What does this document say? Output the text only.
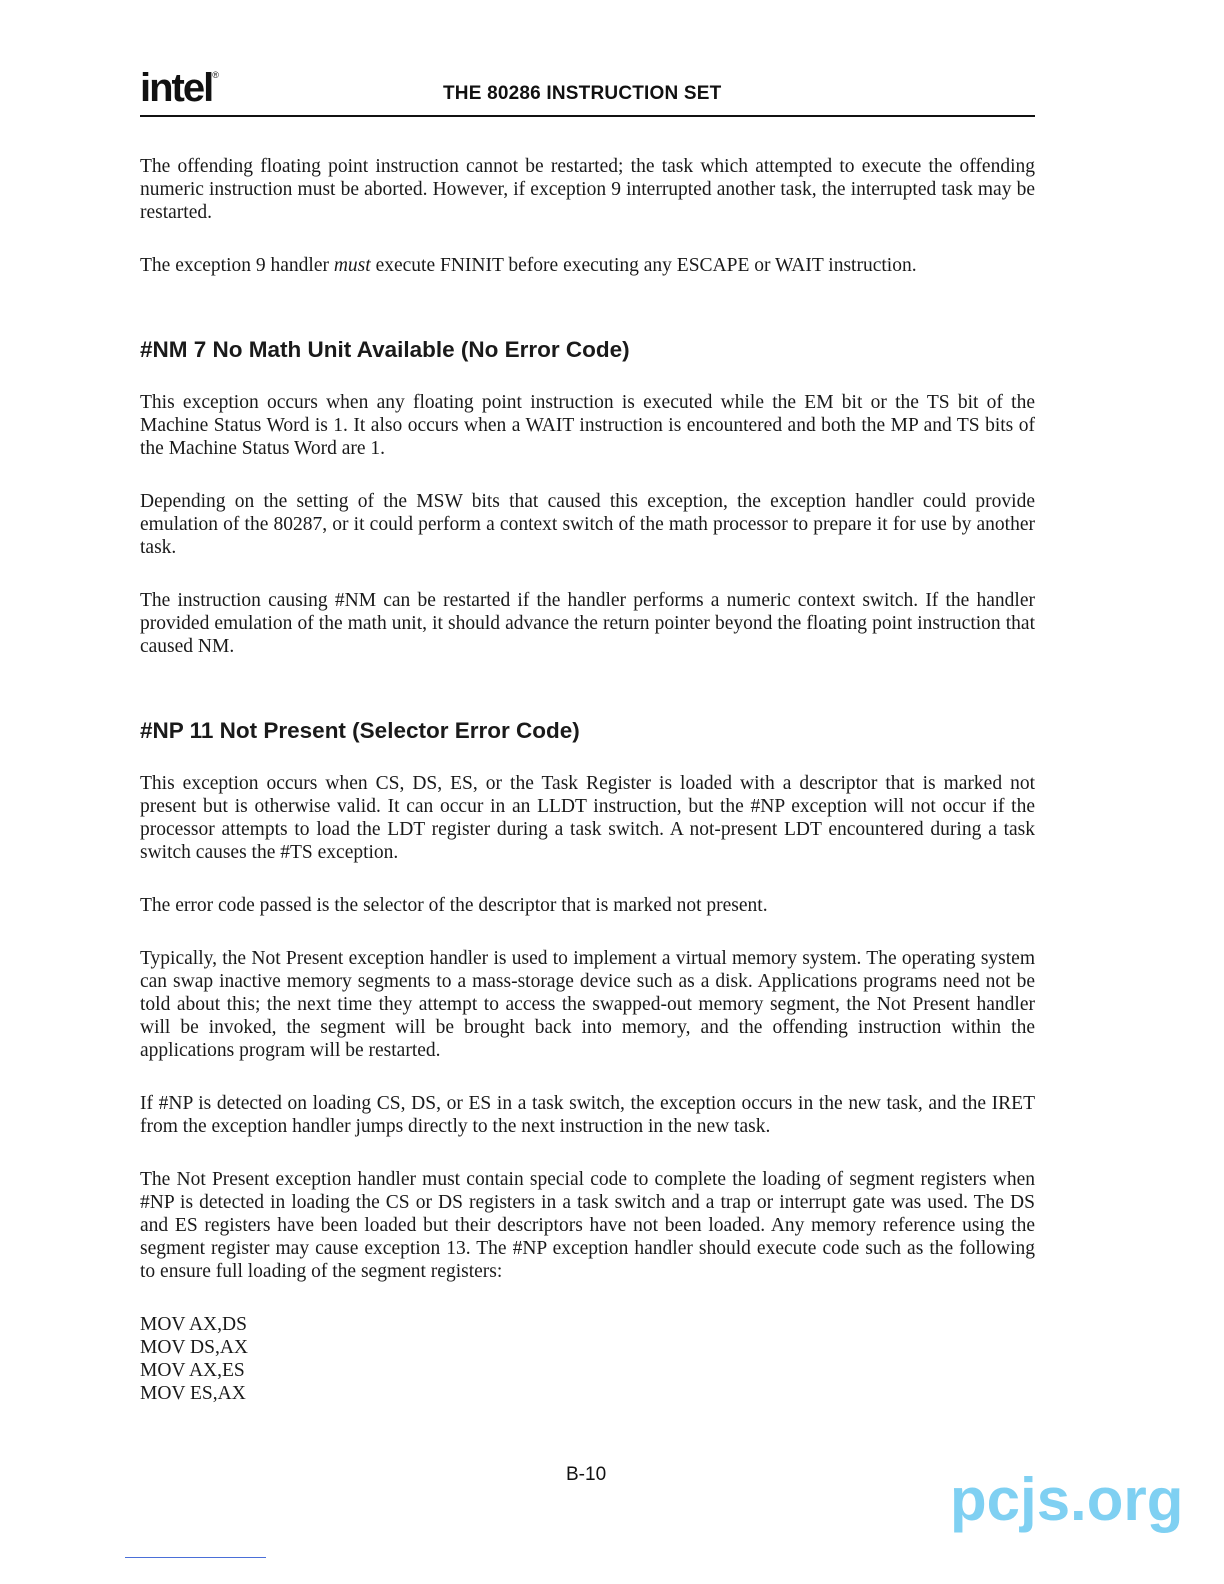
intel®
THE 80286 INSTRUCTION SET

The offending floating point instruction cannot be restarted; the task which attempted to execute the offending numeric instruction must be aborted. However, if exception 9 interrupted another task, the interrupted task may be restarted.

The exception 9 handler must execute FNINIT before executing any ESCAPE or WAIT instruction.

#NM 7 No Math Unit Available (No Error Code)

This exception occurs when any floating point instruction is executed while the EM bit or the TS bit of the Machine Status Word is 1. It also occurs when a WAIT instruction is encountered and both the MP and TS bits of the Machine Status Word are 1.

Depending on the setting of the MSW bits that caused this exception, the exception handler could provide emulation of the 80287, or it could perform a context switch of the math processor to prepare it for use by another task.

The instruction causing #NM can be restarted if the handler performs a numeric context switch. If the handler provided emulation of the math unit, it should advance the return pointer beyond the floating point instruction that caused NM.

#NP 11 Not Present (Selector Error Code)

This exception occurs when CS, DS, ES, or the Task Register is loaded with a descriptor that is marked not present but is otherwise valid. It can occur in an LLDT instruction, but the #NP exception will not occur if the processor attempts to load the LDT register during a task switch. A not-present LDT encountered during a task switch causes the #TS exception.

The error code passed is the selector of the descriptor that is marked not present.

Typically, the Not Present exception handler is used to implement a virtual memory system. The operating system can swap inactive memory segments to a mass-storage device such as a disk. Applications programs need not be told about this; the next time they attempt to access the swapped-out memory segment, the Not Present handler will be invoked, the segment will be brought back into memory, and the offending instruction within the applications program will be restarted.

If #NP is detected on loading CS, DS, or ES in a task switch, the exception occurs in the new task, and the IRET from the exception handler jumps directly to the next instruction in the new task.

The Not Present exception handler must contain special code to complete the loading of segment registers when #NP is detected in loading the CS or DS registers in a task switch and a trap or interrupt gate was used. The DS and ES registers have been loaded but their descriptors have not been loaded. Any memory reference using the segment register may cause exception 13. The #NP exception handler should execute code such as the following to ensure full loading of the segment registers:

MOV AX,DS
MOV DS,AX
MOV AX,ES
MOV ES,AX
B-10	pcjs.org
